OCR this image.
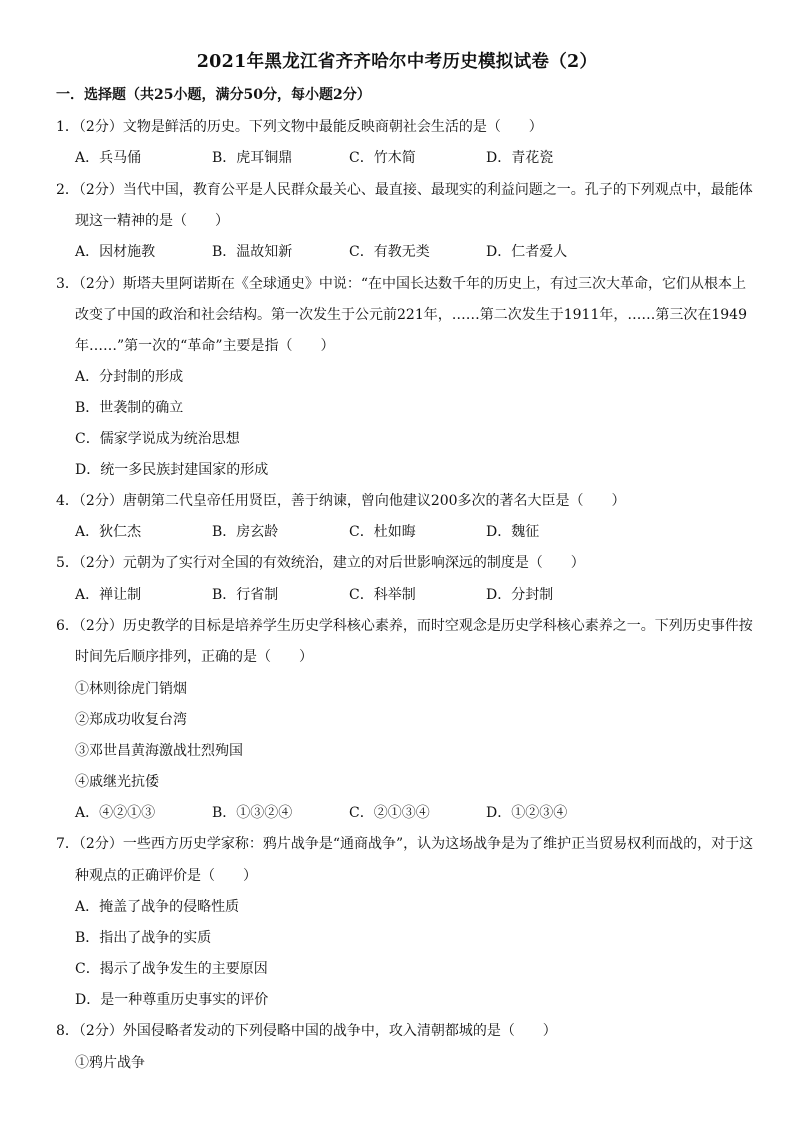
2021年黑龙江省齐齐哈尔中考历史模拟试卷（2）
一．选择题（共25小题，满分50分，每小题2分）
1．（2分）文物是鲜活的历史。下列文物中最能反映商朝社会生活的是（　　）
A．兵马俑	B．虎耳铜鼎	C．竹木简	D．青花瓷
2．（2分）当代中国，教育公平是人民群众最关心、最直接、最现实的利益问题之一。孔子的下列观点中，最能体
现这一精神的是（　　）
A．因材施教	B．温故知新	C．有教无类	D．仁者爱人
3．（2分）斯塔夫里阿诺斯在《全球通史》中说：“在中国长达数千年的历史上，有过三次大革命，它们从根本上
改变了中国的政治和社会结构。第一次发生于公元前221年，……第二次发生于1911年，……第三次在1949
年……”第一次的“革命”主要是指（　　）
A．分封制的形成
B．世袭制的确立
C．儒家学说成为统治思想
D．统一多民族封建国家的形成
4．（2分）唐朝第二代皇帝任用贤臣，善于纳谏，曾向他建议200多次的著名大臣是（　　）
A．狄仁杰	B．房玄龄	C．杜如晦	D．魏征
5．（2分）元朝为了实行对全国的有效统治，建立的对后世影响深远的制度是（　　）
A．禅让制	B．行省制	C．科举制	D．分封制
6．（2分）历史教学的目标是培养学生历史学科核心素养，而时空观念是历史学科核心素养之一。下列历史事件按
时间先后顺序排列，正确的是（　　）
①林则徐虎门销烟
②郑成功收复台湾
③邓世昌黄海激战壮烈殉国
④戚继光抗倭
A．④②①③	B．①③②④	C．②①③④	D．①②③④
7．（2分）一些西方历史学家称：鸦片战争是“通商战争”，认为这场战争是为了维护正当贸易权利而战的，对于这
种观点的正确评价是（　　）
A．掩盖了战争的侵略性质
B．指出了战争的实质
C．揭示了战争发生的主要原因
D．是一种尊重历史事实的评价
8．（2分）外国侵略者发动的下列侵略中国的战争中，攻入清朝都城的是（　　）
①鸦片战争
